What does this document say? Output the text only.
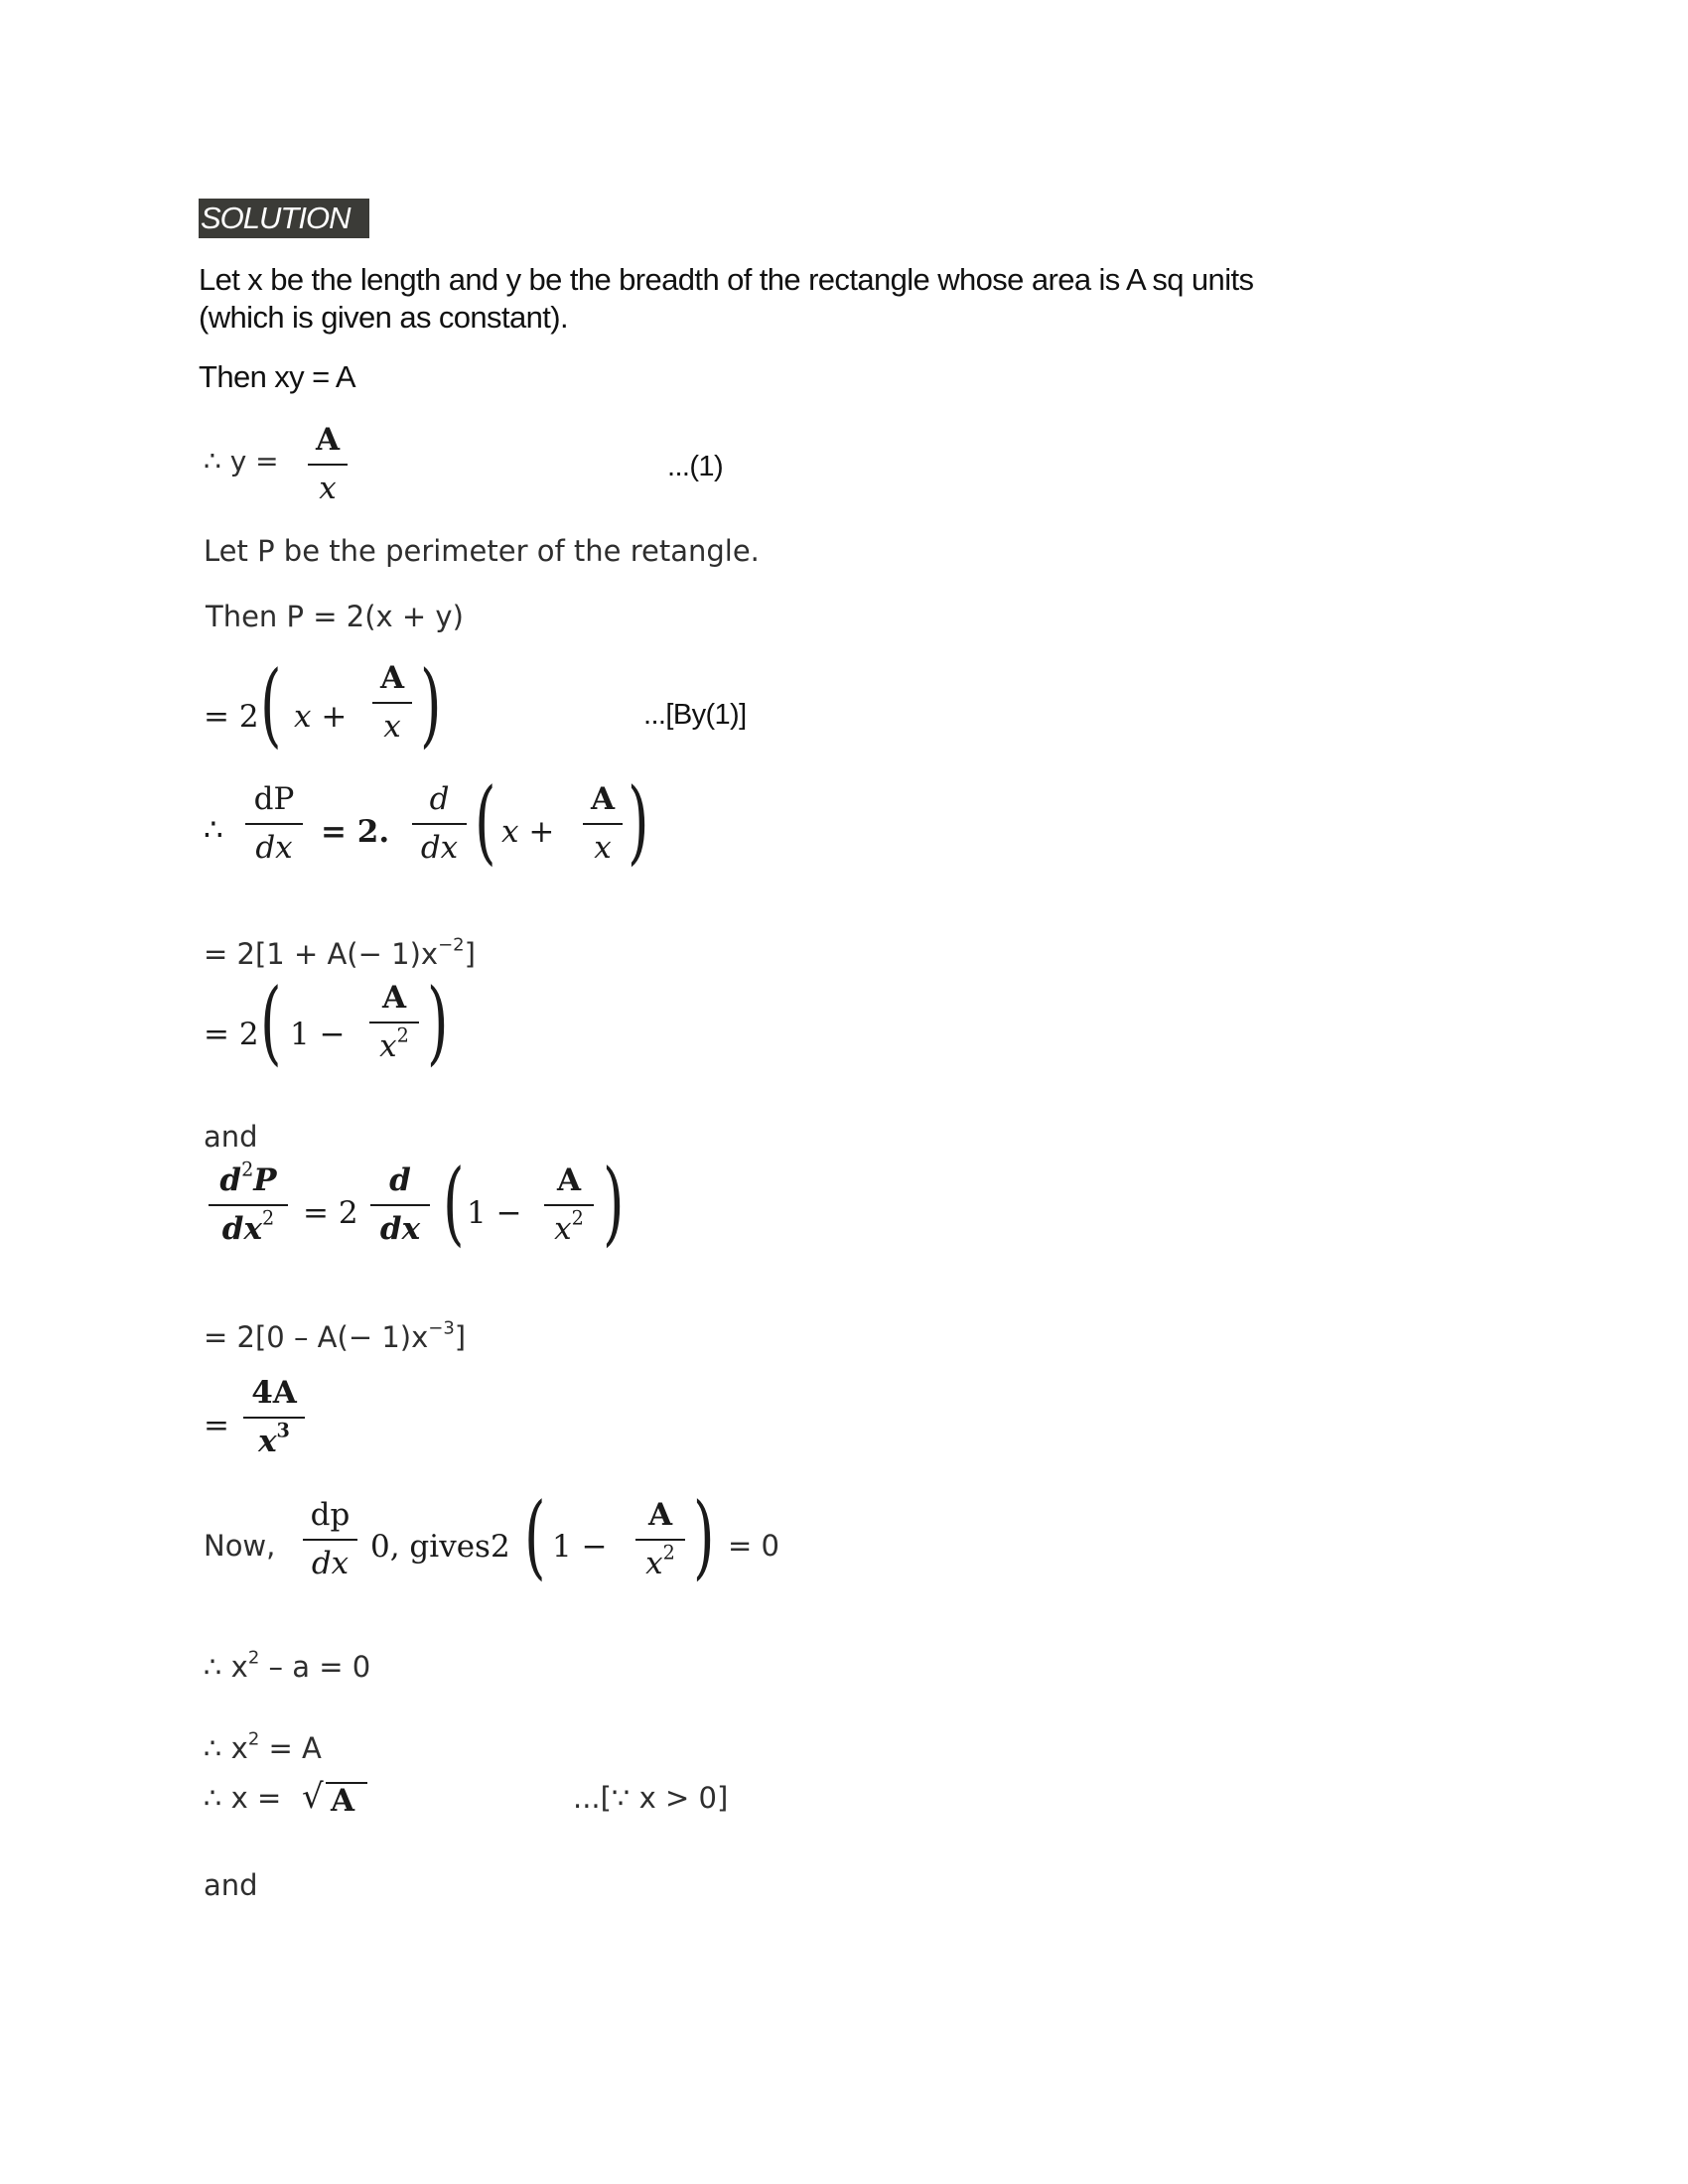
SOLUTION
Let x be the length and y be the breadth of the rectangle whose area is A sq units
(which is given as constant).
Then xy = A
∴ y =
A
x
...(1)
Let P be the perimeter of the retangle.
Then P = 2(x + y)
= 2 ( x +
A
x )	...[By(1)]
∴
dP
dx = 2.
d
dx ( x +
A
x )
= $2[1 + A(- 1)x^{-2}]$
= 2 ( 1 −
A
$x^2$ )
and
$d^2P$
$dx^2 = 2$
d
dx ( 1 −
A
$x^2$ )
= $2[0 - A(- 1)x^{-3}]$
=
4A
$x^3$
Now,
dp
dx 0, gives2 ( 1 −
A
$x^2$ ) = 0
∴ $x^2 - a = 0$
∴ $x^2 = A$
∴ x = √ A	...[∵ x > 0]
and
